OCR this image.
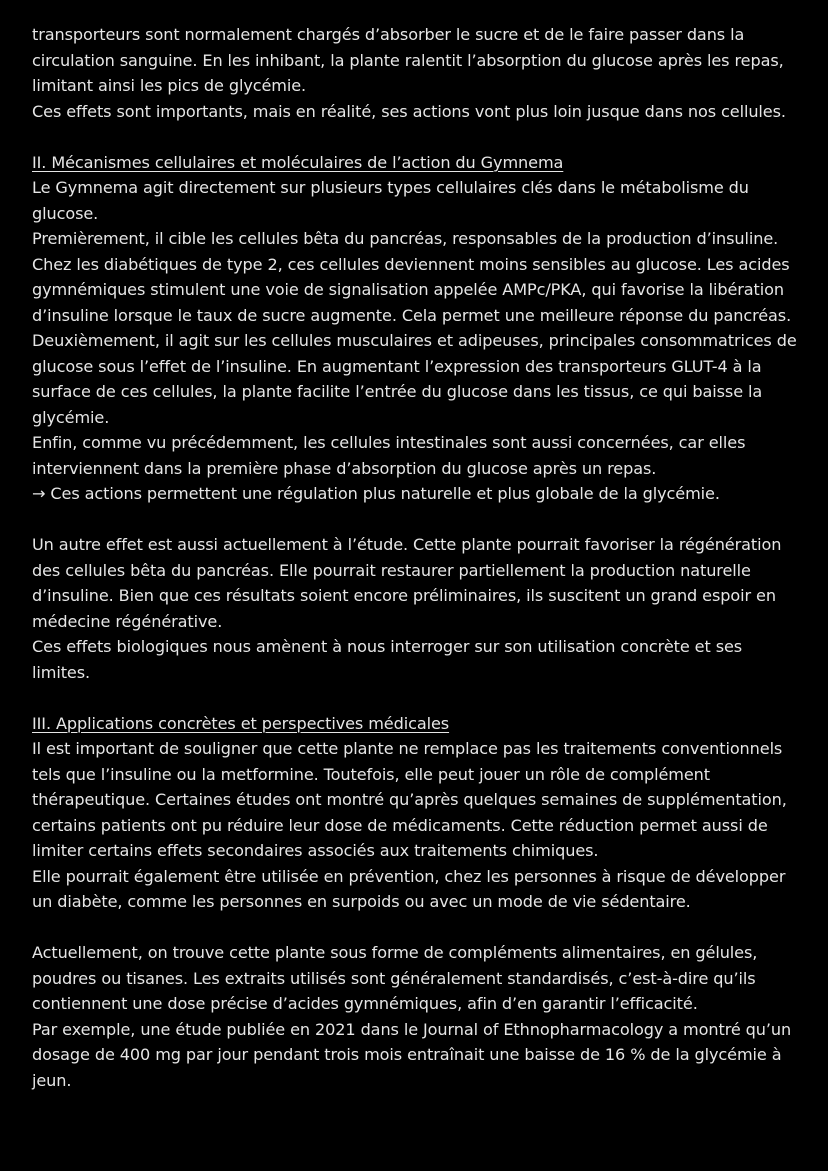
transporteurs sont normalement chargés d’absorber le sucre et de le faire passer dans la circulation sanguine. En les inhibant, la plante ralentit l’absorption du glucose après les repas, limitant ainsi les pics de glycémie.

Ces effets sont importants, mais en réalité, ses actions vont plus loin jusque dans nos cellules.

II. Mécanismes cellulaires et moléculaires de l’action du Gymnema

Le Gymnema agit directement sur plusieurs types cellulaires clés dans le métabolisme du glucose.

Premièrement, il cible les cellules bêta du pancréas, responsables de la production d’insuline. Chez les diabétiques de type 2, ces cellules deviennent moins sensibles au glucose. Les acides gymnémiques stimulent une voie de signalisation appelée AMPc/PKA, qui favorise la libération d’insuline lorsque le taux de sucre augmente. Cela permet une meilleure réponse du pancréas.

Deuxièmement, il agit sur les cellules musculaires et adipeuses, principales consommatrices de glucose sous l’effet de l’insuline. En augmentant l’expression des transporteurs GLUT-4 à la surface de ces cellules, la plante facilite l’entrée du glucose dans les tissus, ce qui baisse la glycémie.

Enfin, comme vu précédemment, les cellules intestinales sont aussi concernées, car elles interviennent dans la première phase d’absorption du glucose après un repas.

→ Ces actions permettent une régulation plus naturelle et plus globale de la glycémie.

Un autre effet est aussi actuellement à l’étude. Cette plante pourrait favoriser la régénération des cellules bêta du pancréas. Elle pourrait restaurer partiellement la production naturelle d’insuline. Bien que ces résultats soient encore préliminaires, ils suscitent un grand espoir en médecine régénérative.

Ces effets biologiques nous amènent à nous interroger sur son utilisation concrète et ses limites.

III. Applications concrètes et perspectives médicales

Il est important de souligner que cette plante ne remplace pas les traitements conventionnels tels que l’insuline ou la metformine. Toutefois, elle peut jouer un rôle de complément thérapeutique. Certaines études ont montré qu’après quelques semaines de supplémentation, certains patients ont pu réduire leur dose de médicaments. Cette réduction permet aussi de limiter certains effets secondaires associés aux traitements chimiques.

Elle pourrait également être utilisée en prévention, chez les personnes à risque de développer un diabète, comme les personnes en surpoids ou avec un mode de vie sédentaire.

Actuellement, on trouve cette plante sous forme de compléments alimentaires, en gélules, poudres ou tisanes. Les extraits utilisés sont généralement standardisés, c’est-à-dire qu’ils contiennent une dose précise d’acides gymnémiques, afin d’en garantir l’efficacité.

Par exemple, une étude publiée en 2021 dans le Journal of Ethnopharmacology a montré qu’un dosage de 400 mg par jour pendant trois mois entraînait une baisse de 16 % de la glycémie à jeun.
